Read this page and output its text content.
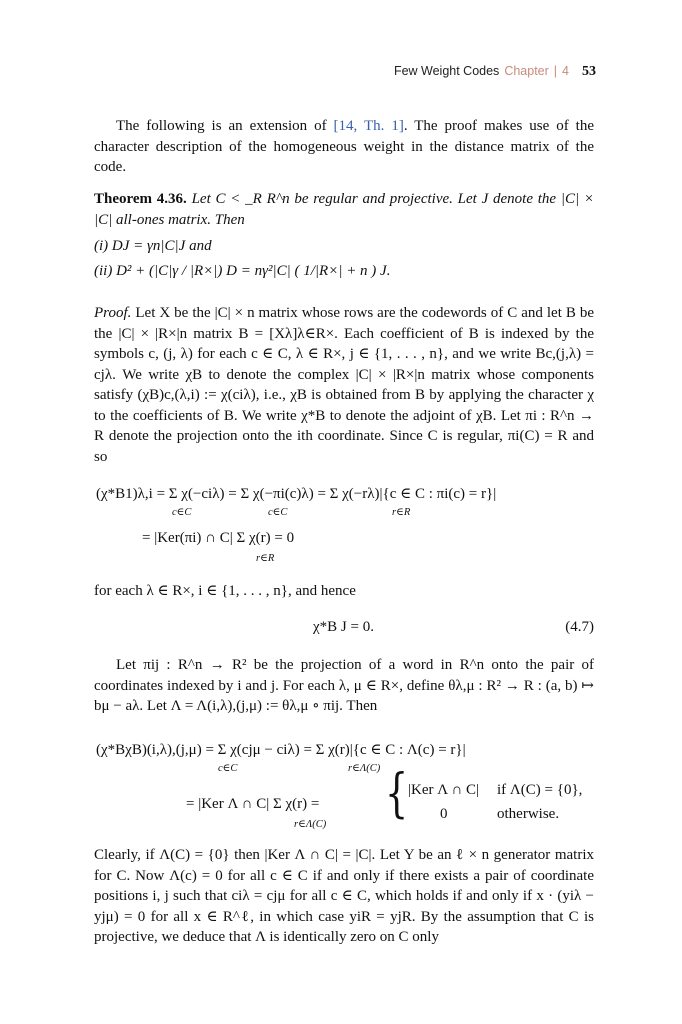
Few Weight Codes Chapter | 4 53
The following is an extension of [14, Th. 1]. The proof makes use of the character description of the homogeneous weight in the distance matrix of the code.
Theorem 4.36. Let C < _R R^n be regular and projective. Let J denote the |C| × |C| all-ones matrix. Then
(i) DJ = γn|C|J and
(ii) D² + (|C|γ / |R×|) D = nγ²|C| ( 1/|R×| + n ) J.
Proof. Let X be the |C| × n matrix whose rows are the codewords of C and let B be the |C| × |R×|n matrix B = [Xλ]λ∈R×. Each coefficient of B is indexed by the symbols c, (j, λ) for each c ∈ C, λ ∈ R×, j ∈ {1, . . . , n}, and we write Bc,(j,λ) = cjλ. We write χB to denote the complex |C| × |R×|n matrix whose components satisfy (χB)c,(λ,i) := χ(ciλ), i.e., χB is obtained from B by applying the character χ to the coefficients of B. We write χ*B to denote the adjoint of χB. Let πi : R^n → R denote the projection onto the ith coordinate. Since C is regular, πi(C) = R and so
(χ*B1)λ,i = Σ χ(−ciλ) = Σ χ(−πi(c)λ) = Σ χ(−rλ)|{c ∈ C : πi(c) = r}|
c∈C	c∈C	r∈R
= |Ker(πi) ∩ C| Σ χ(r) = 0
r∈R
for each λ ∈ R×, i ∈ {1, . . . , n}, and hence
χ*B J = 0.	(4.7)
Let πij : R^n → R² be the projection of a word in R^n onto the pair of coordinates indexed by i and j. For each λ, μ ∈ R×, define θλ,μ : R² → R : (a, b) ↦ bμ − aλ. Let Λ = Λ(i,λ),(j,μ) := θλ,μ ∘ πij. Then
(χ*BχB)(i,λ),(j,μ) = Σ χ(cjμ − ciλ) = Σ χ(r)|{c ∈ C : Λ(c) = r}|
c∈C	r∈Λ(C)
= |Ker Λ ∩ C| Σ χ(r) =
r∈Λ(C)
{ |Ker Λ ∩ C| if Λ(C) = {0},
0	otherwise.
Clearly, if Λ(C) = {0} then |Ker Λ ∩ C| = |C|. Let Y be an ℓ × n generator matrix for C. Now Λ(c) = 0 for all c ∈ C if and only if there exists a pair of coordinate positions i, j such that ciλ = cjμ for all c ∈ C, which holds if and only if x · (yiλ − yjμ) = 0 for all x ∈ R^ℓ, in which case yiR = yjR. By the assumption that C is projective, we deduce that Λ is identically zero on C only
